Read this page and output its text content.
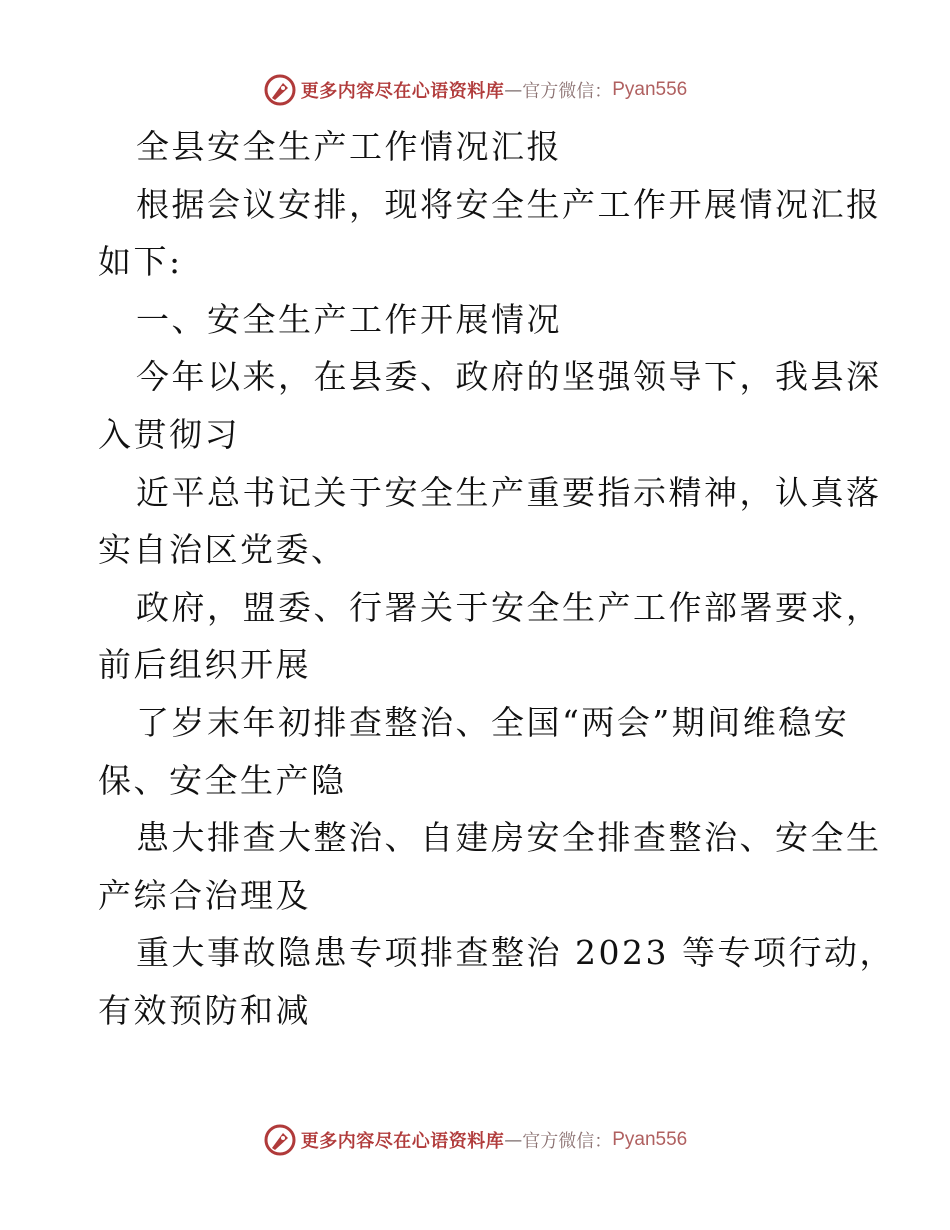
更多内容尽在心语资料库 — 官方微信： Pyan556
全县安全生产工作情况汇报
根据会议安排，现将安全生产工作开展情况汇报
如下:
一、安全生产工作开展情况
今年以来，在县委、政府的坚强领导下，我县深
入贯彻习
近平总书记关于安全生产重要指示精神，认真落
实自治区党委、
政府，盟委、行署关于安全生产工作部署要求，
前后组织开展
了岁末年初排查整治、全国“两会”期间维稳安
保、安全生产隐
患大排查大整治、自建房安全排查整治、安全生
产综合治理及
重大事故隐患专项排查整治 2023 等专项行动，
有效预防和减
更多内容尽在心语资料库 — 官方微信： Pyan556
